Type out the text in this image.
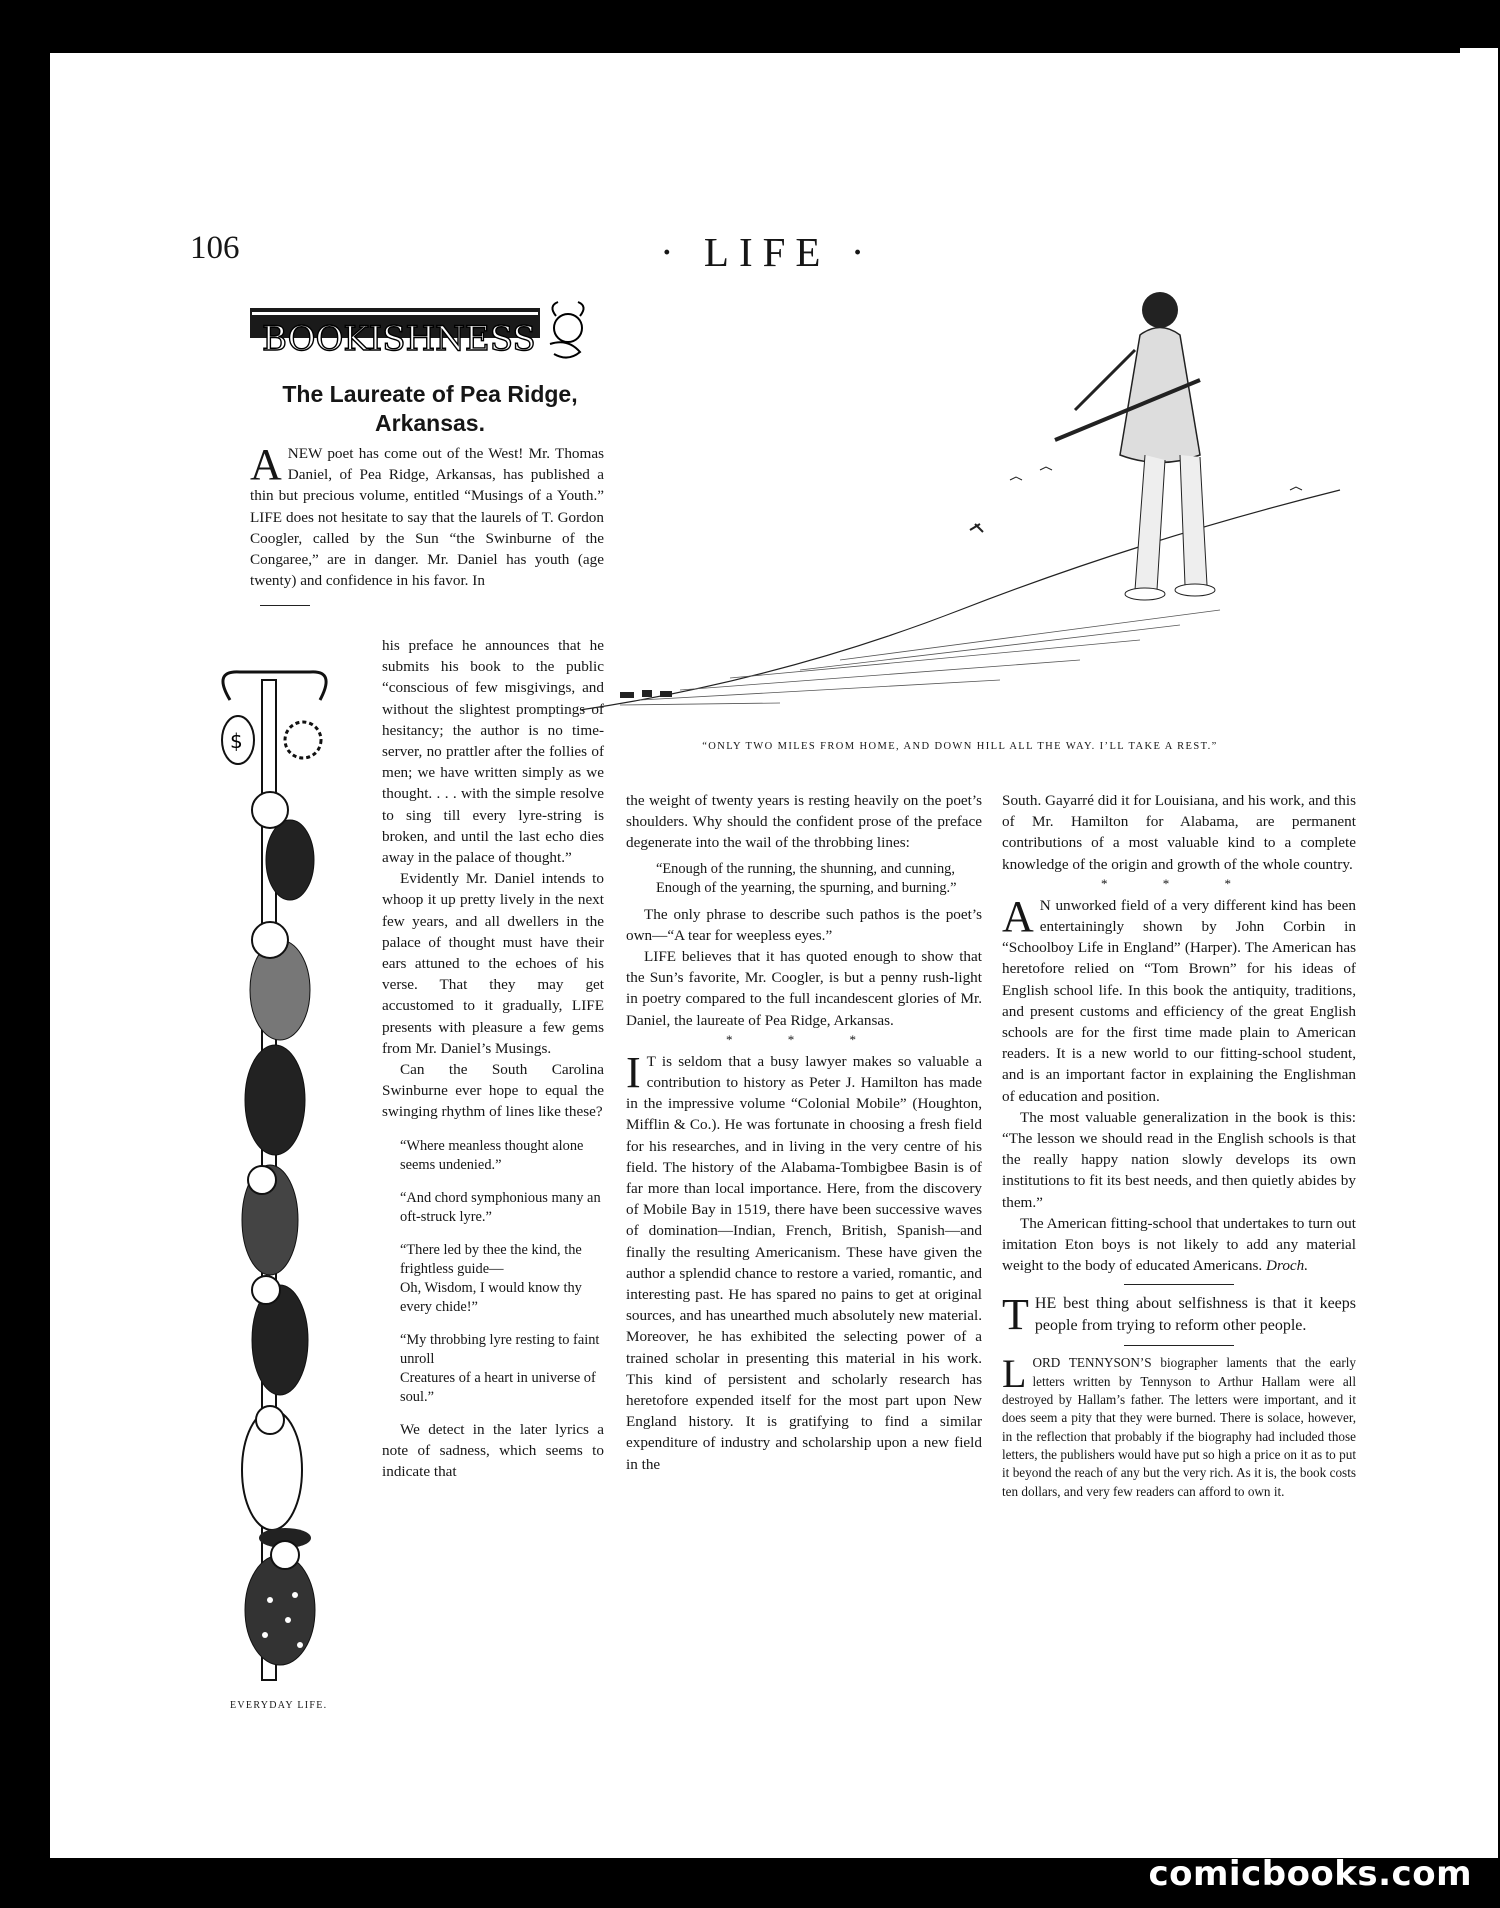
106	· LIFE ·
BOOKISHNESS
The Laureate of Pea Ridge,
Arkansas.
A NEW poet has come out of the West! Mr. Thomas Daniel, of Pea Ridge, Arkansas, has published a thin but precious volume, entitled “Musings of a Youth.” LIFE does not hesitate to say that the laurels of T. Gordon Coogler, called by the Sun “the Swinburne of the Congaree,” are in danger. Mr. Daniel has youth (age twenty) and confidence in his favor. In

$
EVERYDAY LIFE.

his preface he announces that he submits his book to the public “conscious of few misgivings, and without the slightest promptings of hesitancy; the author is no time-server, no prattler after the follies of men; we have written simply as we thought. . . . with the simple resolve to sing till every lyre-string is broken, and until the last echo dies away in the palace of thought.”

Evidently Mr. Daniel intends to whoop it up pretty lively in the next few years, and all dwellers in the palace of thought must have their ears attuned to the echoes of his verse. That they may get accustomed to it gradually, LIFE presents with pleasure a few gems from Mr. Daniel’s Musings.

Can the South Carolina Swinburne ever hope to equal the swinging rhythm of lines like these?

“Where meanless thought alone seems undenied.”
“And chord symphonious many an oft-struck lyre.”
“There led by thee the kind, the frightless guide—
Oh, Wisdom, I would know thy every chide!”
“My throbbing lyre resting to faint unroll
Creatures of a heart in universe of soul.”

We detect in the later lyrics a note of sadness, which seems to indicate that

“ONLY TWO MILES FROM HOME, AND DOWN HILL ALL THE WAY. I’LL TAKE A REST.”

the weight of twenty years is resting heavily on the poet’s shoulders. Why should the confident prose of the preface degenerate into the wail of the throbbing lines:

“Enough of the running, the shunning, and cunning,
Enough of the yearning, the spurning, and burning.”

The only phrase to describe such pathos is the poet’s own—“A tear for weepless eyes.”

LIFE believes that it has quoted enough to show that the Sun’s favorite, Mr. Coogler, is but a penny rush-light in poetry compared to the full incandescent glories of Mr. Daniel, the laureate of Pea Ridge, Arkansas.

* * *
I T is seldom that a busy lawyer makes so valuable a contribution to history as Peter J. Hamilton has made in the impressive volume “Colonial Mobile” (Houghton, Mifflin & Co.). He was fortunate in choosing a fresh field for his researches, and in living in the very centre of his field. The history of the Alabama-Tombigbee Basin is of far more than local importance. Here, from the discovery of Mobile Bay in 1519, there have been successive waves of domination—Indian, French, British, Spanish—and finally the resulting Americanism. These have given the author a splendid chance to restore a varied, romantic, and interesting past. He has spared no pains to get at original sources, and has unearthed much absolutely new material. Moreover, he has exhibited the selecting power of a trained scholar in presenting this material in his work. This kind of persistent and scholarly research has heretofore expended itself for the most part upon New England history. It is gratifying to find a similar expenditure of industry and scholarship upon a new field in the

South. Gayarré did it for Louisiana, and his work, and this of Mr. Hamilton for Alabama, are permanent contributions of a most valuable kind to a complete knowledge of the origin and growth of the whole country.

* * *
A N unworked field of a very different kind has been entertainingly shown by John Corbin in “Schoolboy Life in England” (Harper). The American has heretofore relied on “Tom Brown” for his ideas of English school life. In this book the antiquity, traditions, and present customs and efficiency of the great English schools are for the first time made plain to American readers. It is a new world to our fitting-school student, and is an important factor in explaining the Englishman of education and position.

The most valuable generalization in the book is this: “The lesson we should read in the English schools is that the really happy nation slowly develops its own institutions to fit its best needs, and then quietly abides by them.”

The American fitting-school that undertakes to turn out imitation Eton boys is not likely to add any material weight to the body of educated Americans. Droch.

T HE best thing about selfishness is that it keeps people from trying to reform other people.

L ORD TENNYSON’S biographer laments that the early letters written by Tennyson to Arthur Hallam were all destroyed by Hallam’s father. The letters were important, and it does seem a pity that they were burned. There is solace, however, in the reflection that probably if the biography had included those letters, the publishers would have put so high a price on it as to put it beyond the reach of any but the very rich. As it is, the book costs ten dollars, and very few readers can afford to own it.

comicbooks.com
